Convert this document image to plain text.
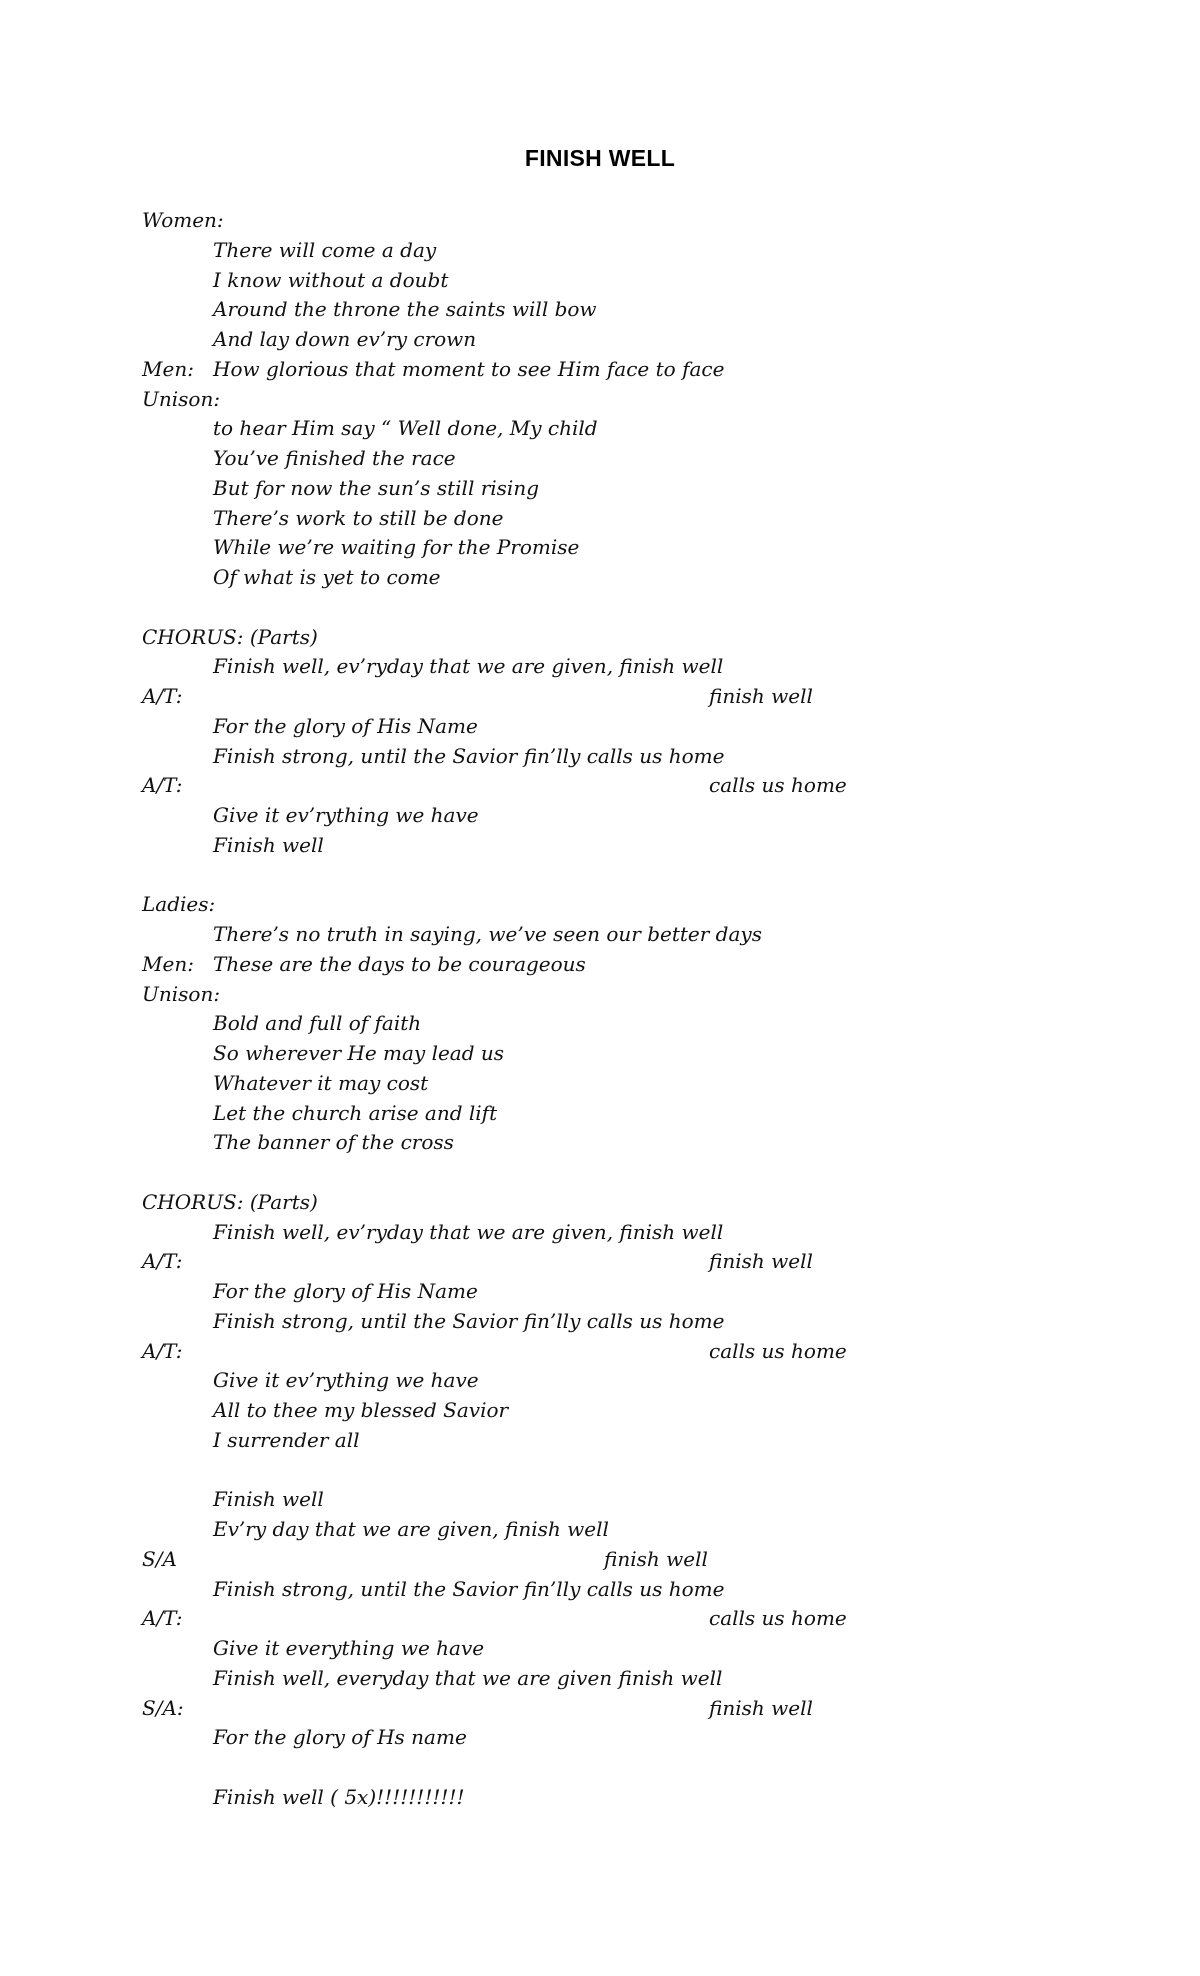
FINISH WELL
Women:
There will come a day
I know without a doubt
Around the throne the saints will bow
And lay down ev’ry crown
Men: How glorious that moment to see Him face to face
Unison:
to hear Him say “ Well done, My child
You’ve finished the race
But for now the sun’s still rising
There’s work to still be done
While we’re waiting for the Promise
Of what is yet to come
CHORUS: (Parts)
Finish well, ev’ryday that we are given, finish well
A/T:	finish well
For the glory of His Name
Finish strong, until the Savior fin’lly calls us home
A/T:	calls us home
Give it ev’rything we have
Finish well
Ladies:
There’s no truth in saying, we’ve seen our better days
Men: These are the days to be courageous
Unison:
Bold and full of faith
So wherever He may lead us
Whatever it may cost
Let the church arise and lift
The banner of the cross
CHORUS: (Parts)
Finish well, ev’ryday that we are given, finish well
A/T:	finish well
For the glory of His Name
Finish strong, until the Savior fin’lly calls us home
A/T:	calls us home
Give it ev’rything we have
All to thee my blessed Savior
I surrender all
Finish well
Ev’ry day that we are given, finish well
S/A	finish well
Finish strong, until the Savior fin’lly calls us home
A/T:	calls us home
Give it everything we have
Finish well, everyday that we are given finish well
S/A:	finish well
For the glory of Hs name
Finish well ( 5x)!!!!!!!!!!!
